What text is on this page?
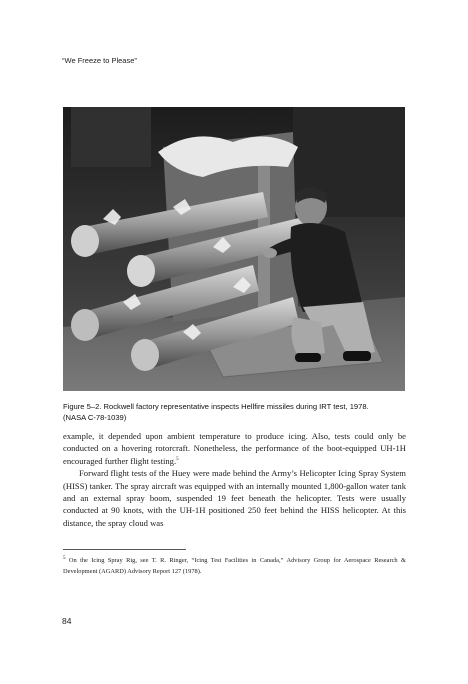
“We Freeze to Please”
Figure 5–2. Rockwell factory representative inspects Hellfire missiles during IRT test, 1978.
(NASA C-78-1039)

example, it depended upon ambient temperature to produce icing. Also, tests could only be conducted on a hovering rotorcraft. Nonetheless, the performance of the boot-equipped UH-1H encouraged further flight testing.$^5$

Forward flight tests of the Huey were made behind the Army’s Helicopter Icing Spray System (HISS) tanker. The spray aircraft was equipped with an internally mounted 1,800-gallon water tank and an external spray boom, suspended 19 feet beneath the helicopter. Tests were usually conducted at 90 knots, with the UH-1H positioned 250 feet behind the HISS helicopter. At this distance, the spray cloud was

$^5$ On the Icing Spray Rig, see T. R. Ringer, “Icing Test Facilities in Canada,” Advisory Group for Aerospace Research & Development (AGARD) Advisory Report 127 (1978).
84
